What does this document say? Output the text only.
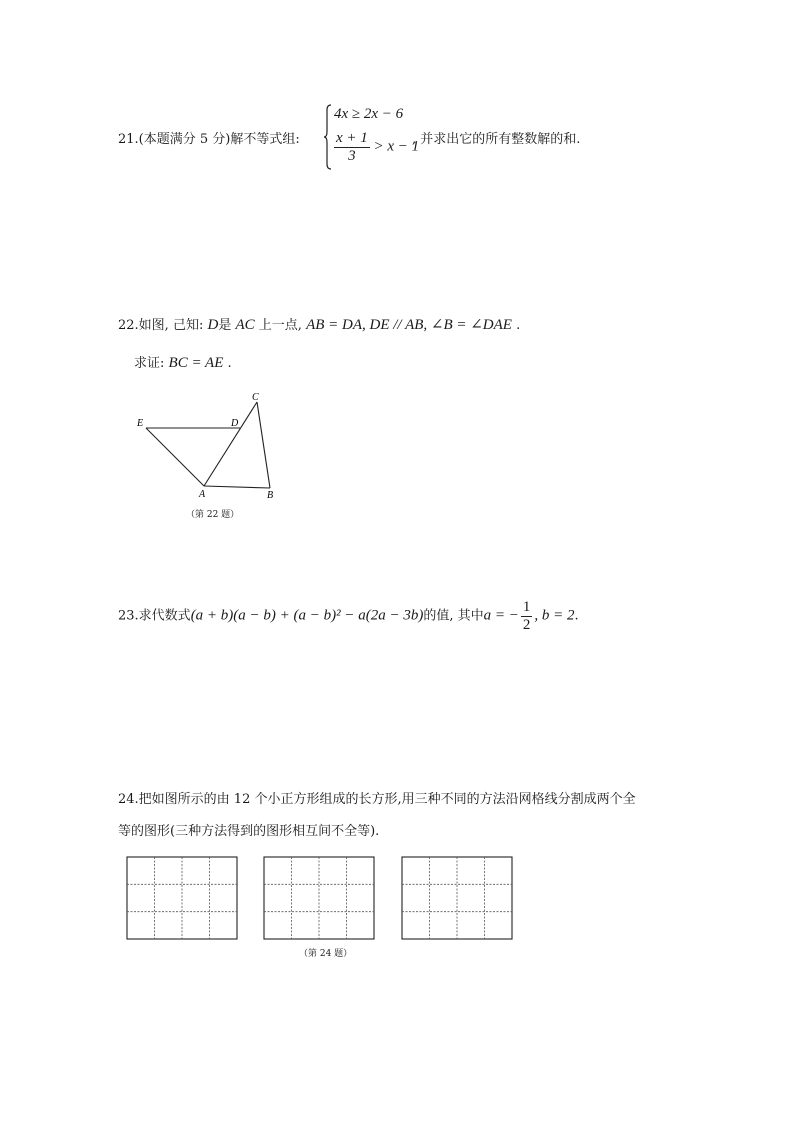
21.(本题满分 5 分)解不等式组:
4x ≥ 2x − 6
$\frac{x + 1}{3} > x - 1$
, 并求出它的所有整数解的和.
22.如图, 己知: D是 AC 上一点, AB = DA, DE // AB, ∠B = ∠DAE .
求证: BC = AE .
E	D
C
A	B
（第 22 题）
23.求代数式(a + b)(a − b) + (a − b)² − a(2a − 3b)的值, 其中a = − $\frac{1}{2}$ , b = 2.
24.把如图所示的由 12 个小正方形组成的长方形,用三种不同的方法沿网格线分割成两个全
等的图形(三种方法得到的图形相互间不全等).
（第 24 题）
